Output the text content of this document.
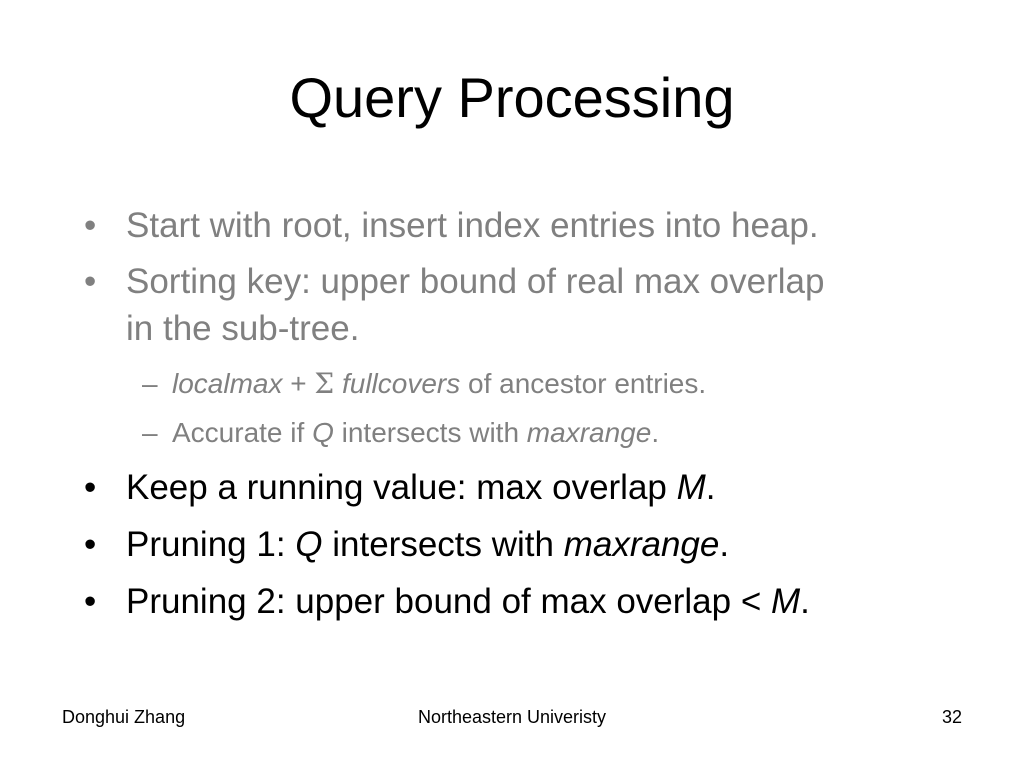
Query Processing
• Start with root, insert index entries into heap.
• Sorting key: upper bound of real max overlap
in the sub-tree.
– localmax + Σ fullcovers of ancestor entries.
– Accurate if Q intersects with maxrange.
• Keep a running value: max overlap M.
• Pruning 1: Q intersects with maxrange.
• Pruning 2: upper bound of max overlap < M.
Donghui Zhang	Northeastern Univeristy	32
